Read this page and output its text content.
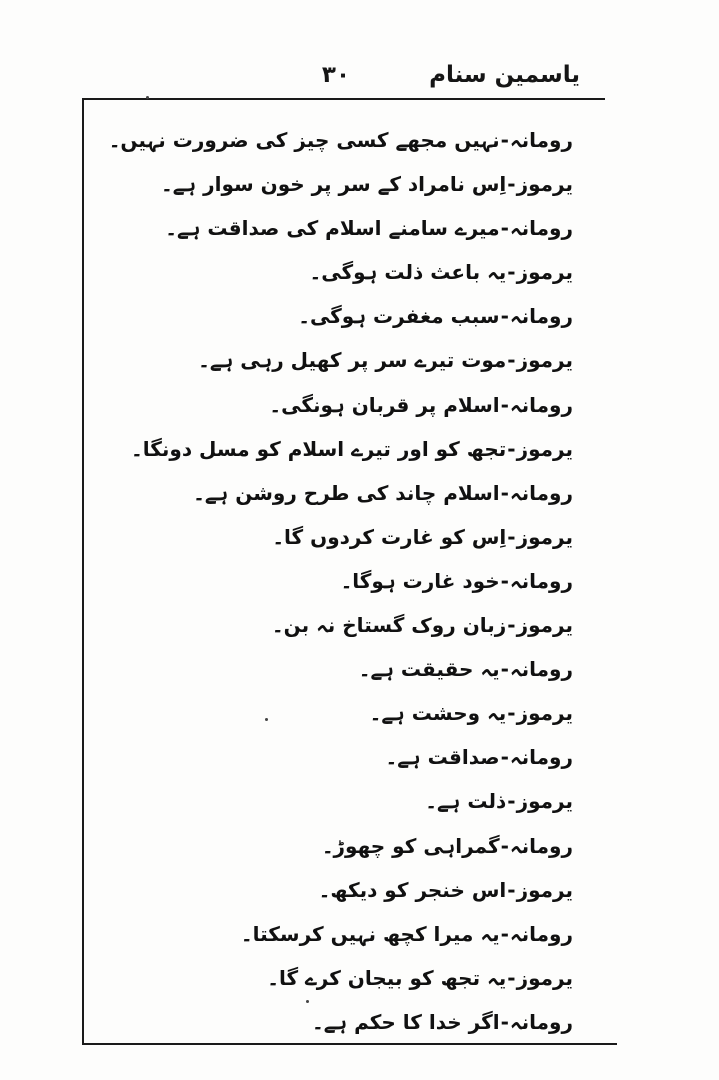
یاسمین سنام
۳۰
رومانہ-نہیں مجھے کسی چیز کی ضرورت نہیں۔
یرموز-اِس نامراد کے سر پر خون سوار ہے۔
رومانہ-میرے سامنے اسلام کی صداقت ہے۔
یرموز-یہ باعث ذلت ہوگی۔
رومانہ-سبب مغفرت ہوگی۔
یرموز-موت تیرے سر پر کھیل رہی ہے۔
رومانہ-اسلام پر قربان ہونگی۔
یرموز-تجھ کو اور تیرے اسلام کو مسل دونگا۔
رومانہ-اسلام چاند کی طرح روشن ہے۔
یرموز-اِس کو غارت کردوں گا۔
رومانہ-خود غارت ہوگا۔
یرموز-زبان روک گستاخ نہ بن۔
رومانہ-یہ حقیقت ہے۔
یرموز-یہ وحشت ہے۔
رومانہ-صداقت ہے۔
یرموز-ذلت ہے۔
رومانہ-گمراہی کو چھوڑ۔
یرموز-اس خنجر کو دیکھ۔
رومانہ-یہ میرا کچھ نہیں کرسکتا۔
یرموز-یہ تجھ کو بیجان کرے گا۔
رومانہ-اگر خدا کا حکم ہے۔
